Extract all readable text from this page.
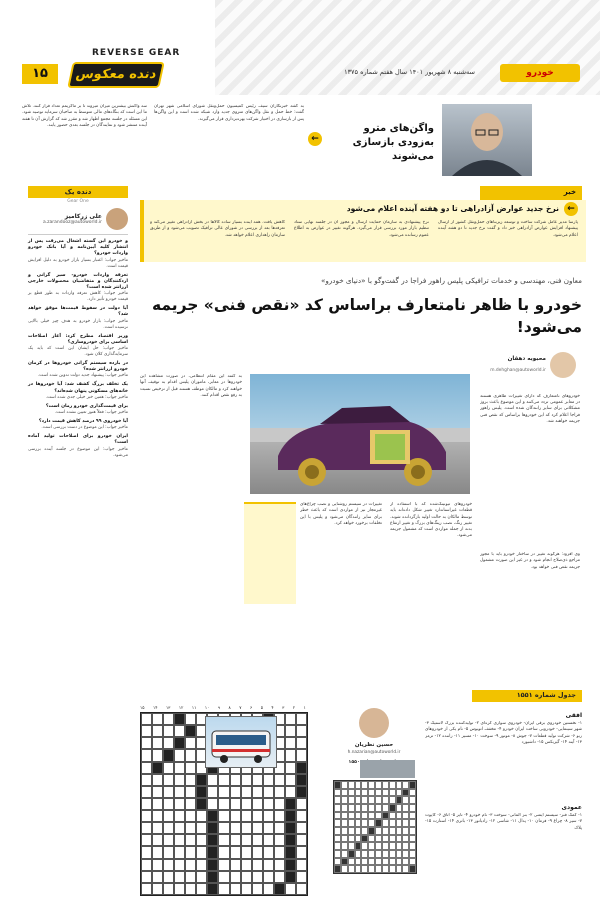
۱۵
REVERSE GEAR
دنده معکوس	سه‌شنبه ۸ شهریور ۱۴۰۱ سال هفتم شماره ۱۳۷۵	خودرو
سه واکنش بیشترین میزان میروند تا بر ماکزیمم تعداد فرار کنند. تلاش ما این است که بنگاه‌های مالی متوسط به صاحبان سرمایه توصیه شود. این مسئله در جلسه مجمع اظهار شد و مقرر شد که گزارش آن تا هفته آینده منتشر شود و نمایندگان در جلسه بعدی حضور یابند.
به گفته خبرنگاران سیف رئیس کمیسیون حمل‌ونقل شورای اسلامی شهر تهران گفت: خط حمل و نقل واگن‌های متروی جدید وارد شبکه شده است و این واگن‌ها پس از بازسازی در اختیار شرکت بهره‌برداری قرار می‌گیرند.
←
واگن‌های مترو به‌زودی بازسازی می‌شوند
خبر
نرخ جدید عوارض آزادراهی تا دو هفته آینده اعلام می‌شود ←
کاهش یافت. همه آینده بسیار ساده کالاها در بخش آزادراهی تغییر می‌کند و تعرفه‌ها بعد از بررسی در شورای عالی ترافیک تصویب می‌شود و از طریق سازمان راهداری اعلام خواهد شد.
نرخ پیشنهادی به سازمان حمایت ارسال و مجوز آن در جلسه نهایی ستاد تنظیم بازار مورد بررسی قرار می‌گیرد. هرگونه تغییر در عوارض به اطلاع عموم رسانده می‌شود.
پارسا مدیر عامل شرکت ساخت و توسعه زیربناهای حمل‌ونقل کشور از ارسال پیشنهاد افزایش عوارض آزادراهی خبر داد و گفت نرخ جدید تا دو هفته آینده اعلام می‌شود.
دنده یک
Gear One
علی زرکامیز
a.zarandooz@autoworld.ir
و خودرو این گسته اشغال می‌رفت پس از انتشار کلیه آیین‌نامه و آیا بانک خودرو واردات خودرو؟
ماخیر جواب: اعتبار بسیار بازار خودرو به دلیل افزایش قیمت است.
تعرفه واردات خودرو- سیر گرانی و اردکنندگان و متقاضیان محصولات خارجی ارزانتر شده است؟
ماخیر جواب: کاهش تعرفه واردات به طور قطع بر قیمت خودرو تأثیر دارد.
آیا دولت در سقوط قیمت‌ها موفق خواهد شد؟
ماخیر جواب: بازار خودرو به هدف چیز خیلی بالایی نرسیده است.
وزیر اقتصاد مطرح کرد: آغاز اصلاحات اساسی برای خودروسازی؟
ماخیر جواب: حل ایشان این است که باید یک سرمایه‌گذاری کلان شود.
در بازده سیستم گرانی خودروها در کرمان خودرو ارزانتر شده؟
ماخیر جواب: پیشنهاد جدید دولت تدوین شده است.
یک تخلف بزرگ کشف شد: آیا خودروها در خانه‌های مسکونی پنهان شده‌اند؟
ماخیر جواب: همین خبر خیلی جدی شده است.
برای قیمت‌گذاری خودرو زمان است؟
ماخیر جواب: فعلاً هنوز تعیین نشده است.
آیا خودروی ۹۹ درصد کاهش قیمت دارد؟
ماخیر جواب: این موضوع در دست بررسی است.
ایران خودرو برای اصلاحات تولید آماده است؟
ماخیر جواب: این موضوع در جلسه آینده بررسی می‌شود.
معاون فنی، مهندسی و خدمات ترافیکی پلیس راهور فراجا در گفت‌وگو با «دنیای خودرو»
خودرو با ظاهر نامتعارف براساس کد «نقص فنی» جریمه می‌شود!
محبوبه دهقان
m.dehghan@autoworld.ir
خودرو‌های نامتعارف که دارای تغییرات ظاهری هستند در معابر عمومی تردد می‌کنند و این موضوع باعث بروز مشکلاتی برای سایر رانندگان شده است. پلیس راهور فراجا اعلام کرد که این خودروها براساس کد نقص فنی جریمه خواهند شد.
خودروهای تیونینگ‌شده که با استفاده از قطعات غیراستاندارد تغییر شکل داده‌اند باید توسط مالکان به حالت اولیه بازگردانده شوند. تغییر رنگ، نصب رینگ‌های بزرگ و تغییر ارتفاع بدنه از جمله مواردی است که مشمول جریمه می‌شود.
تغییرات در سیستم روشنایی و نصب چراغ‌های غیرمجاز نیز از مواردی است که باعث خطر برای سایر رانندگان می‌شود و پلیس با این تخلفات برخورد خواهد کرد.
به گفته این مقام انتظامی، در صورت مشاهده این خودروها در معابر، ماموران پلیس اقدام به توقیف آنها خواهند کرد و مالکان موظف هستند قبل از ترخیص نسبت به رفع نقص اقدام کنند.
وی افزود: هرگونه تغییر در ساختار خودرو باید با مجوز مراجع ذی‌صلاح انجام شود و در غیر این صورت مشمول جریمه نقص فنی خواهد بود.
جدول شماره ۱۵۵۱
۱۵ ۱۴ ۱۳ ۱۲ ۱۱ ۱۰ ۹ ۸ ۷ ۶ ۵ ۴ ۳ ۲ ۱
حسین نظریان
h.nazarian@autoworld.ir
۱۵۵۰
افقی
۱- نخستین خودروی برقی ایران- خودروی سواری کره‌ای ۲- تولیدکننده بزرگ لاستیک ۳- شهر سینمایی- خودرویی ساخت ایران خودرو ۴- مخفف اتوبوس ۵- نام یکی از خودروهای رنو ۶- شرکت تولید قطعات ۷- جوش ۸- موتور ۹- سوخت ۱۰- مسیر ۱۱- راننده ۱۲- ترمز ۱۳- آینه ۱۴- گیربکس ۱۵- داشبورد
عمودی
۱- کمک فنر- سیستم ایمنی ۲- بنز آلمانی- سوخت ۳- نام خودرو ۴- تایر ۵- اتاق ۶- کاپوت ۷- سپر ۸- چراغ ۹- فرمان ۱۰- پدال ۱۱- شاسی ۱۲- رادیاتور ۱۳- باتری ۱۴- استارت ۱۵- پلاک
